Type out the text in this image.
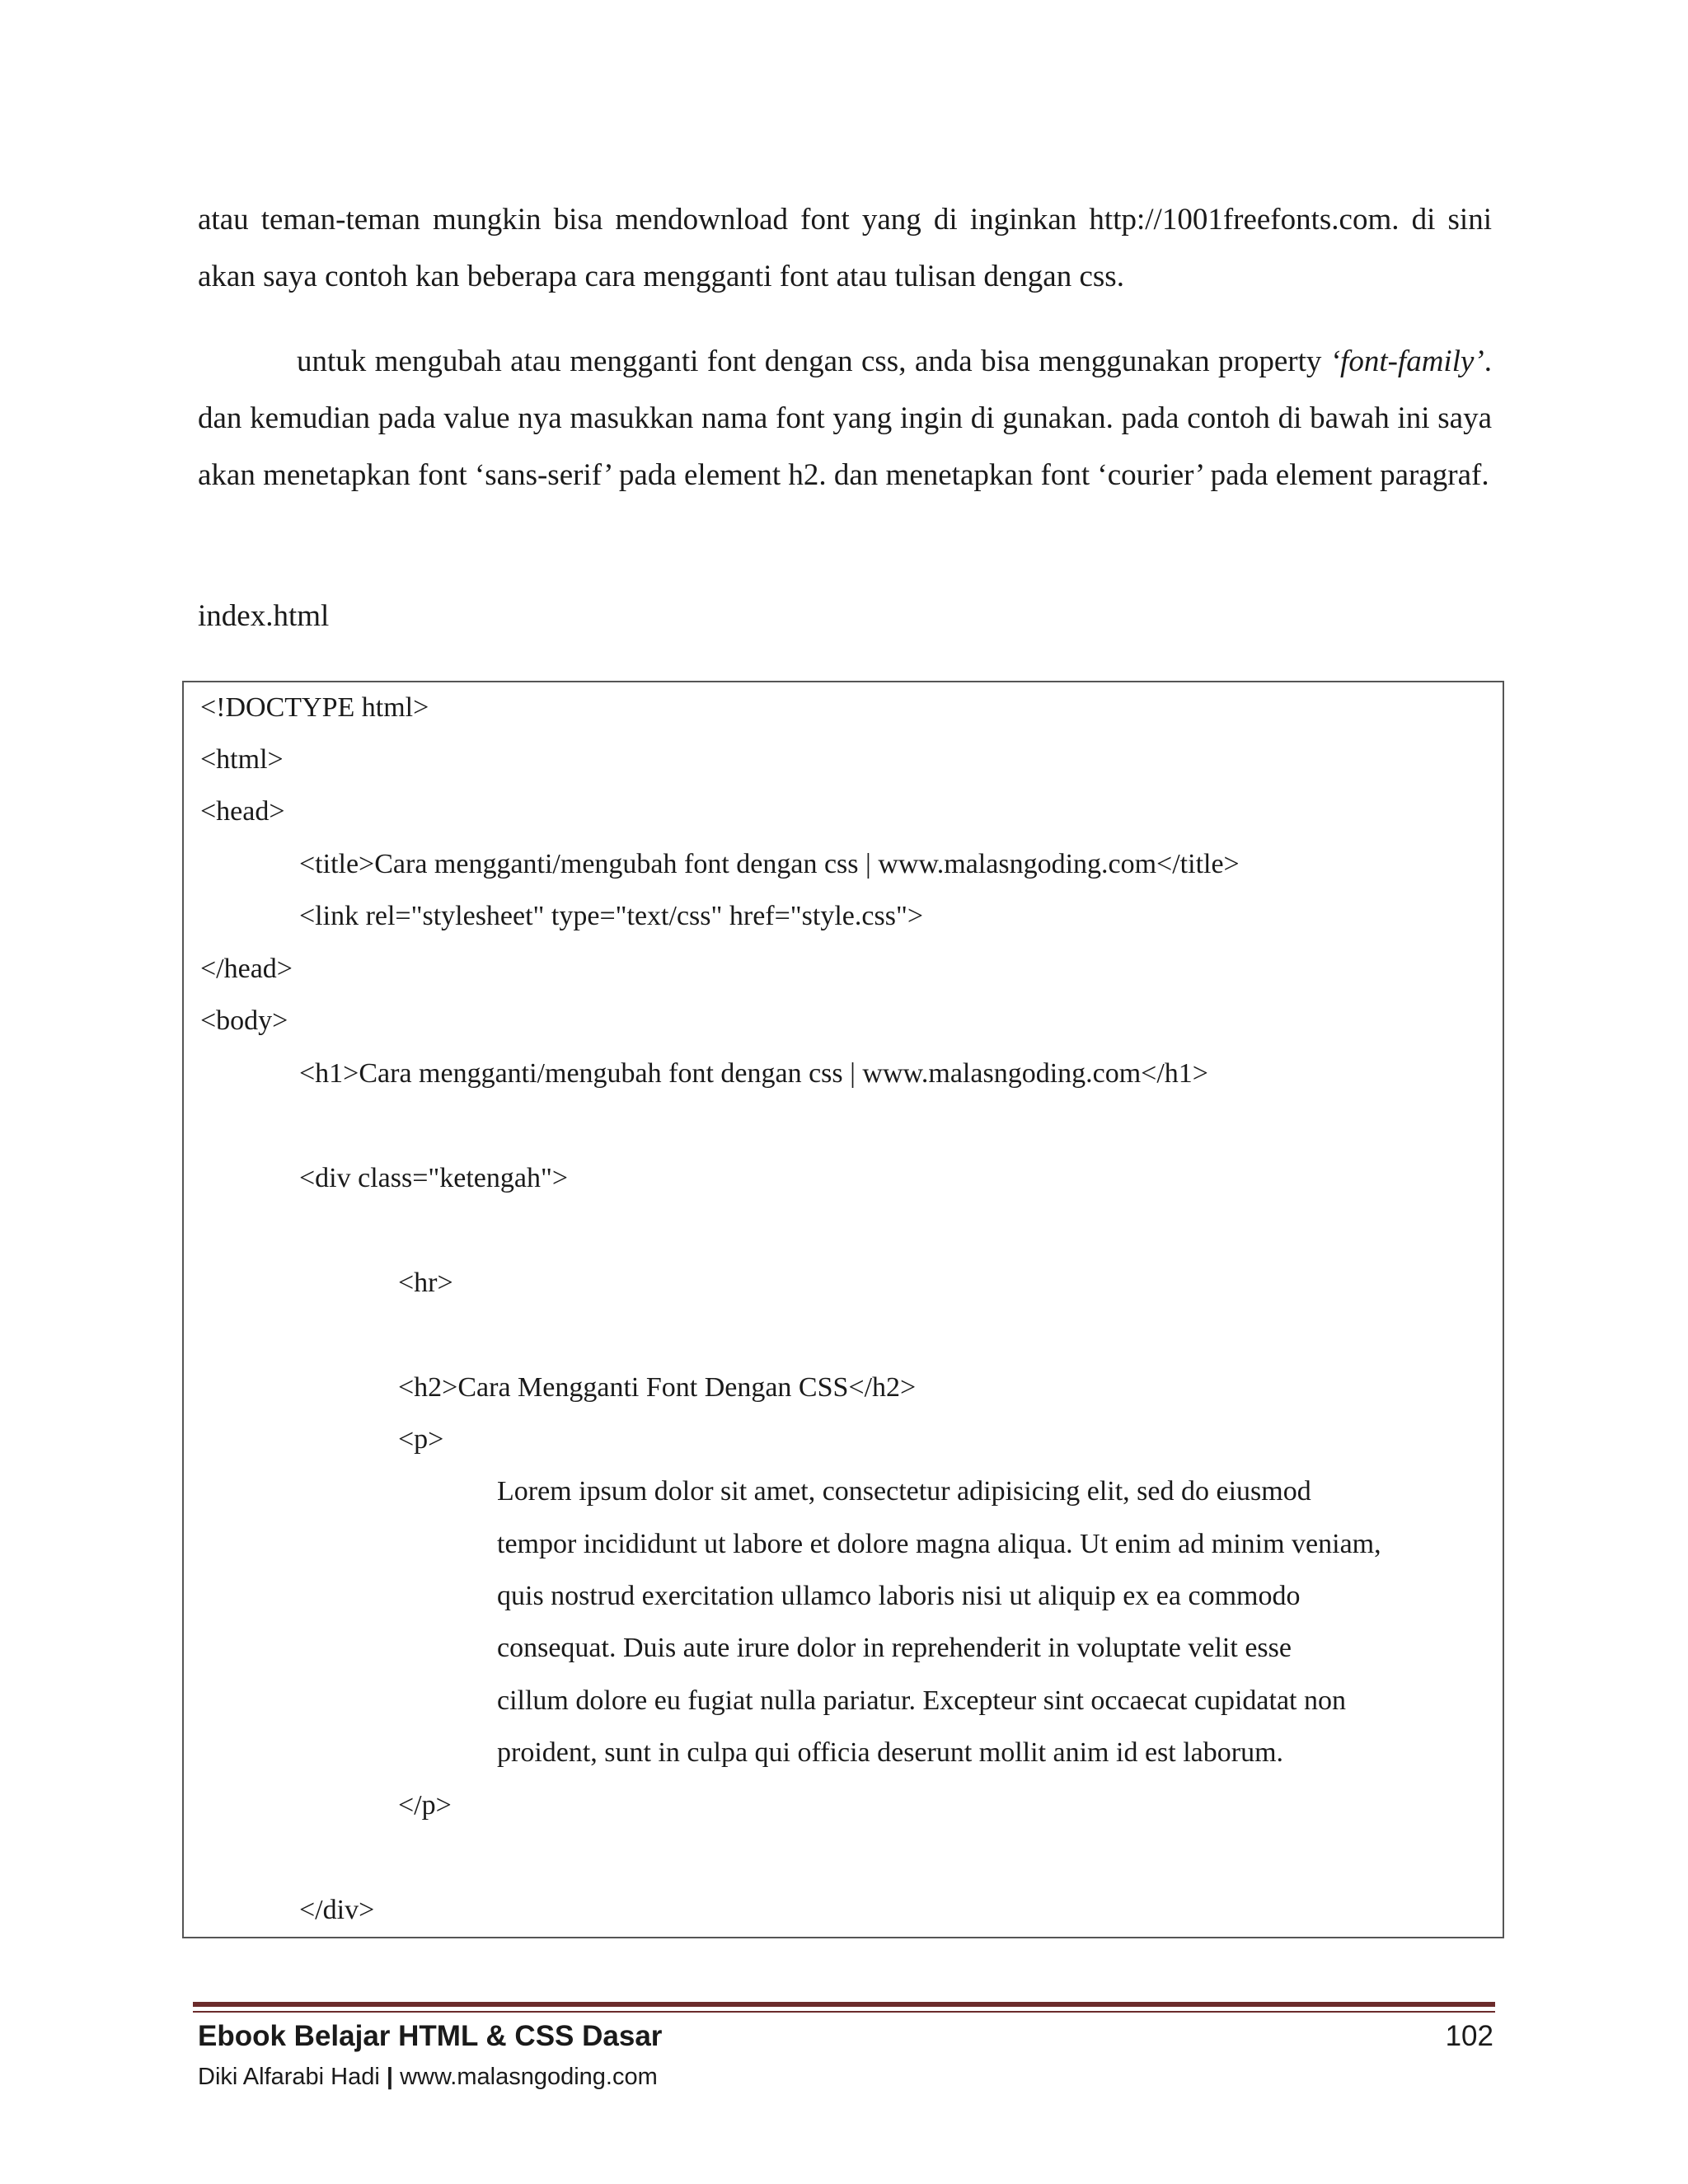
atau teman-teman mungkin bisa mendownload font yang di inginkan http://1001freefonts.com. di sini akan saya contoh kan beberapa cara mengganti font atau tulisan dengan css.
untuk mengubah atau mengganti font dengan css, anda bisa menggunakan property ‘font-family’. dan kemudian pada value nya masukkan nama font yang ingin di gunakan. pada contoh di bawah ini saya akan menetapkan font ‘sans-serif’ pada element h2. dan menetapkan font ‘courier’ pada element paragraf.
index.html
<!DOCTYPE html>
<html>
<head>
<title>Cara mengganti/mengubah font dengan css | www.malasngoding.com</title>
<link rel="stylesheet" type="text/css" href="style.css">
</head>
<body>
<h1>Cara mengganti/mengubah font dengan css | www.malasngoding.com</h1>
<div class="ketengah">
<hr>
<h2>Cara Mengganti Font Dengan CSS</h2>
<p>
Lorem ipsum dolor sit amet, consectetur adipisicing elit, sed do eiusmod
tempor incididunt ut labore et dolore magna aliqua. Ut enim ad minim veniam,
quis nostrud exercitation ullamco laboris nisi ut aliquip ex ea commodo
consequat. Duis aute irure dolor in reprehenderit in voluptate velit esse
cillum dolore eu fugiat nulla pariatur. Excepteur sint occaecat cupidatat non
proident, sunt in culpa qui officia deserunt mollit anim id est laborum.
</p>
</div>
Ebook Belajar HTML & CSS Dasar	102
Diki Alfarabi Hadi | www.malasngoding.com
